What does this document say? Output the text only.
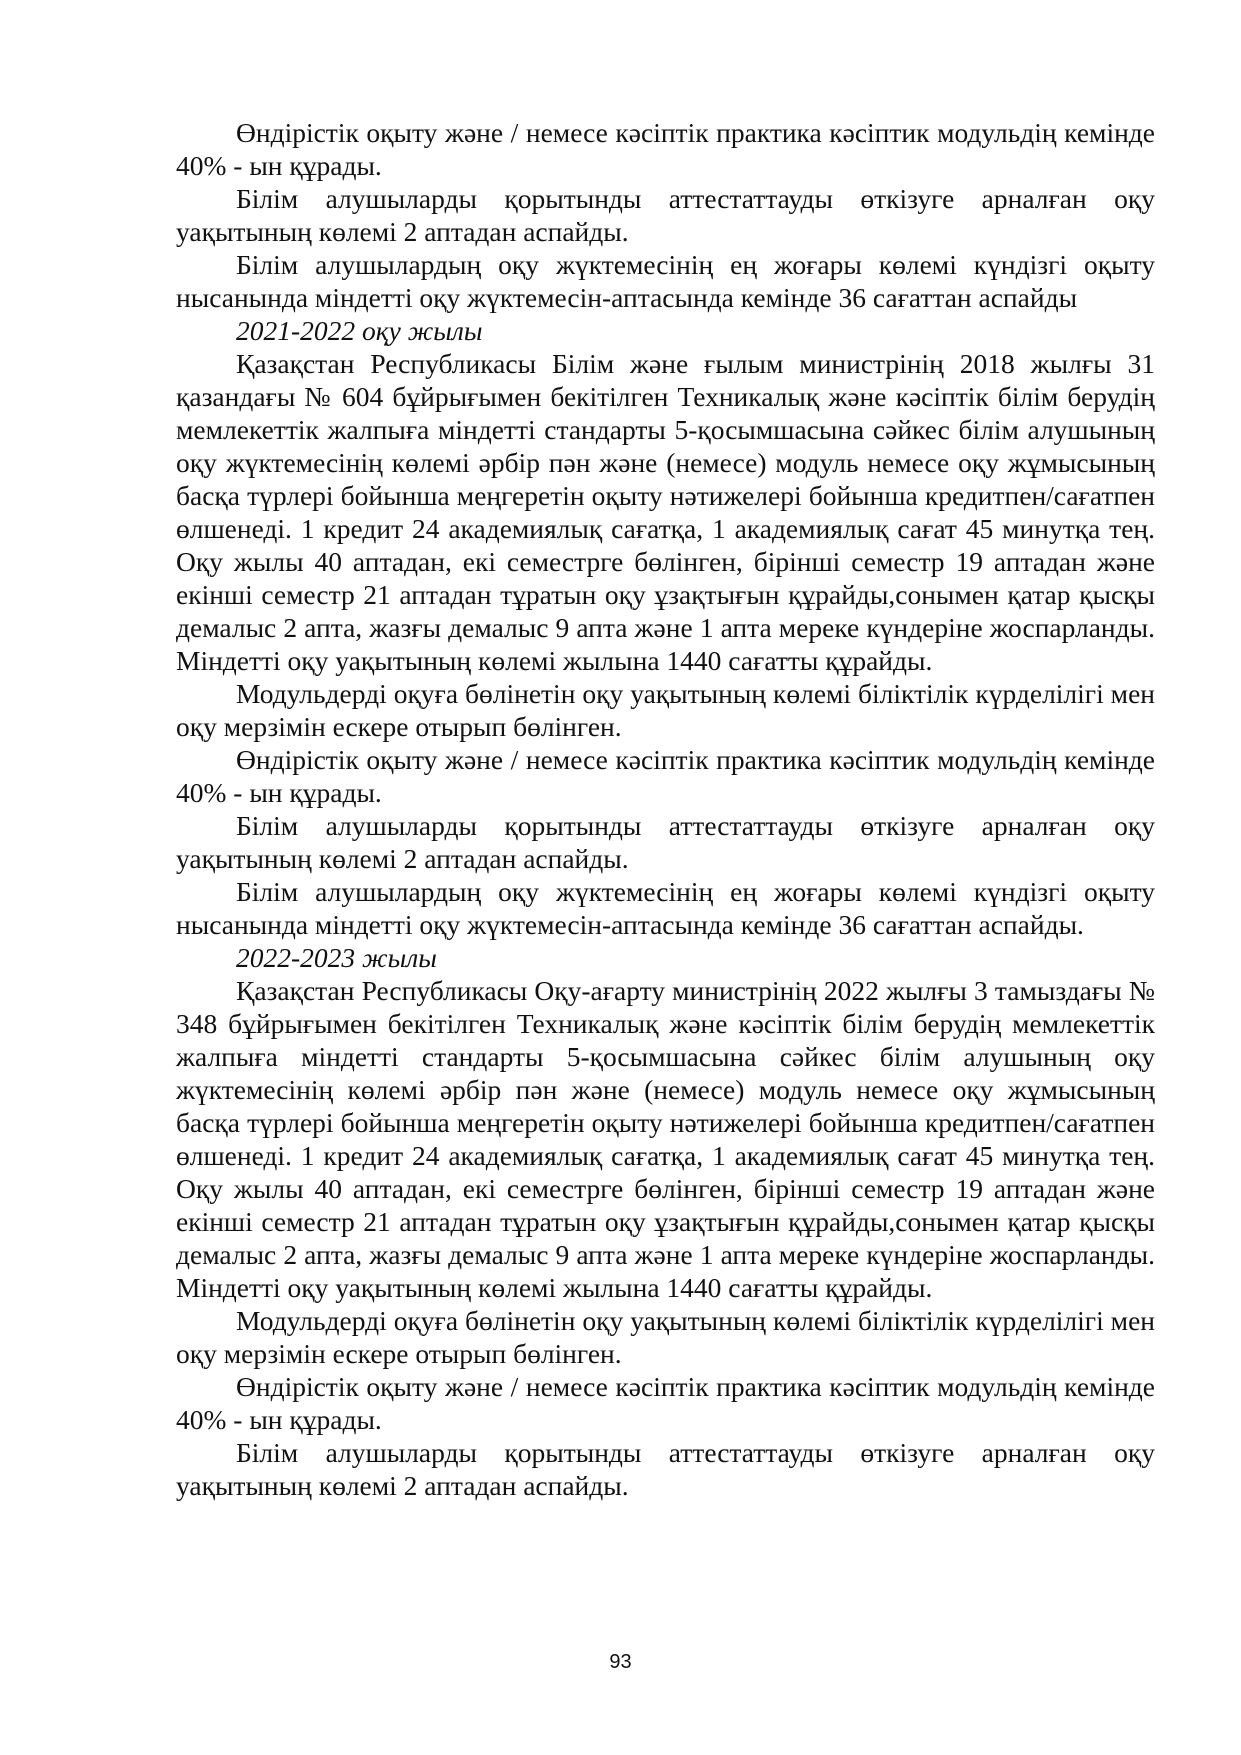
Өндірістік оқыту және / немесе кәсіптік практика кәсіптик модульдің кемінде 40% - ын құрады.

Білім алушыларды қорытынды аттестаттауды өткізуге арналған оқу уақытының көлемі 2 аптадан аспайды.

Білім алушылардың оқу жүктемесінің ең жоғары көлемі күндізгі оқыту нысанында міндетті оқу жүктемесін-аптасында кемінде 36 сағаттан аспайды

2021-2022 оқу жылы

Қазақстан Республикасы Білім және ғылым министрінің 2018 жылғы 31 қазандағы № 604 бұйрығымен бекітілген Техникалық және кәсіптік білім берудің мемлекеттік жалпыға міндетті стандарты 5-қосымшасына сәйкес білім алушының оқу жүктемесінің көлемі әрбір пән және (немесе) модуль немесе оқу жұмысының басқа түрлері бойынша меңгеретін оқыту нәтижелері бойынша кредитпен/сағатпен өлшенеді. 1 кредит 24 академиялық сағатқа, 1 академиялық сағат 45 минутқа тең. Оқу жылы 40 аптадан, екі семестрге бөлінген, бірінші семестр 19 аптадан және екінші семестр 21 аптадан тұратын оқу ұзақтығын құрайды,сонымен қатар қысқы демалыс 2 апта, жазғы демалыс 9 апта және 1 апта мереке күндеріне жоспарланды. Міндетті оқу уақытының көлемі жылына 1440 сағатты құрайды.

Модульдерді оқуға бөлінетін оқу уақытының көлемі біліктілік күрделілігі мен оқу мерзімін ескере отырып бөлінген.

Өндірістік оқыту және / немесе кәсіптік практика кәсіптик модульдің кемінде 40% - ын құрады.

Білім алушыларды қорытынды аттестаттауды өткізуге арналған оқу уақытының көлемі 2 аптадан аспайды.

Білім алушылардың оқу жүктемесінің ең жоғары көлемі күндізгі оқыту нысанында міндетті оқу жүктемесін-аптасында кемінде 36 сағаттан аспайды.

2022-2023 жылы

Қазақстан Республикасы Оқу-ағарту министрінің 2022 жылғы 3 тамыздағы № 348 бұйрығымен бекітілген Техникалық және кәсіптік білім берудің мемлекеттік жалпыға міндетті стандарты 5-қосымшасына сәйкес білім алушының оқу жүктемесінің көлемі әрбір пән және (немесе) модуль немесе оқу жұмысының басқа түрлері бойынша меңгеретін оқыту нәтижелері бойынша кредитпен/сағатпен өлшенеді. 1 кредит 24 академиялық сағатқа, 1 академиялық сағат 45 минутқа тең. Оқу жылы 40 аптадан, екі семестрге бөлінген, бірінші семестр 19 аптадан және екінші семестр 21 аптадан тұратын оқу ұзақтығын құрайды,сонымен қатар қысқы демалыс 2 апта, жазғы демалыс 9 апта және 1 апта мереке күндеріне жоспарланды. Міндетті оқу уақытының көлемі жылына 1440 сағатты құрайды.

Модульдерді оқуға бөлінетін оқу уақытының көлемі біліктілік күрделілігі мен оқу мерзімін ескере отырып бөлінген.

Өндірістік оқыту және / немесе кәсіптік практика кәсіптик модульдің кемінде 40% - ын құрады.

Білім алушыларды қорытынды аттестаттауды өткізуге арналған оқу уақытының көлемі 2 аптадан аспайды.

93
